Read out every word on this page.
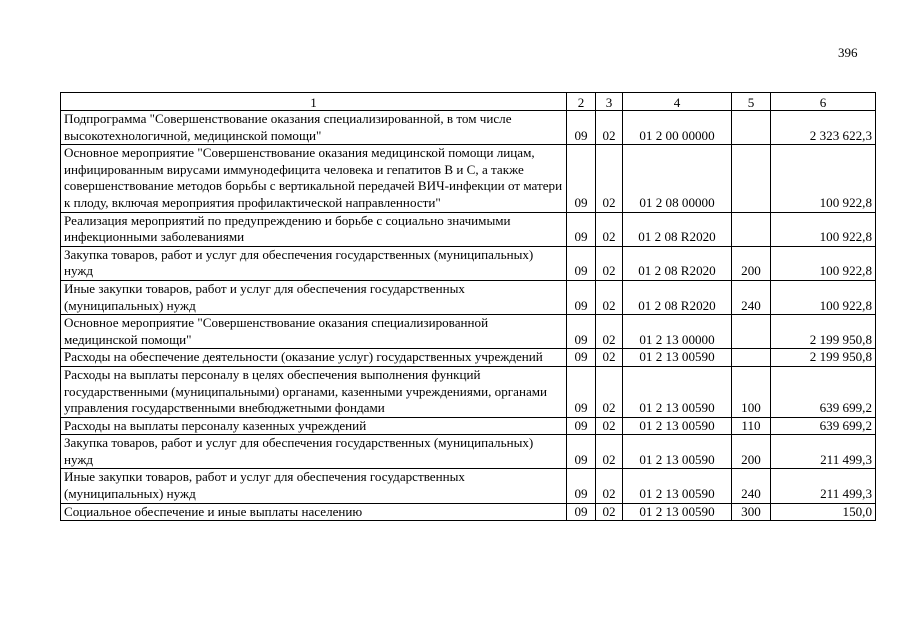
396
1	2	3	4	5	6
Подпрограмма "Совершенствование оказания специализированной, в том числе высокотехнологичной, медицинской помощи"	09	02	01 2 00 00000		2 323 622,3
Основное мероприятие "Совершенствование оказания медицинской помощи лицам, инфицированным вирусами иммунодефицита человека и гепатитов В и С, а также совершенствование методов борьбы с вертикальной передачей ВИЧ-инфекции от матери к плоду, включая мероприятия профилактической направленности"	09	02	01 2 08 00000		100 922,8
Реализация мероприятий по предупреждению и борьбе с социально значимыми инфекционными заболеваниями	09	02	01 2 08 R2020		100 922,8
Закупка товаров, работ и услуг для обеспечения государственных (муниципальных) нужд	09	02	01 2 08 R2020	200	100 922,8
Иные закупки товаров, работ и услуг для обеспечения государственных (муниципальных) нужд	09	02	01 2 08 R2020	240	100 922,8
Основное мероприятие "Совершенствование оказания специализированной медицинской помощи"	09	02	01 2 13 00000		2 199 950,8
Расходы на обеспечение деятельности (оказание услуг) государственных учреждений	09	02	01 2 13 00590		2 199 950,8
Расходы на выплаты персоналу в целях обеспечения выполнения функций государственными (муниципальными) органами, казенными учреждениями, органами управления государственными внебюджетными фондами	09	02	01 2 13 00590	100	639 699,2
Расходы на выплаты персоналу казенных учреждений	09	02	01 2 13 00590	110	639 699,2
Закупка товаров, работ и услуг для обеспечения государственных (муниципальных) нужд	09	02	01 2 13 00590	200	211 499,3
Иные закупки товаров, работ и услуг для обеспечения государственных (муниципальных) нужд	09	02	01 2 13 00590	240	211 499,3
Социальное обеспечение и иные выплаты населению	09	02	01 2 13 00590	300	150,0
